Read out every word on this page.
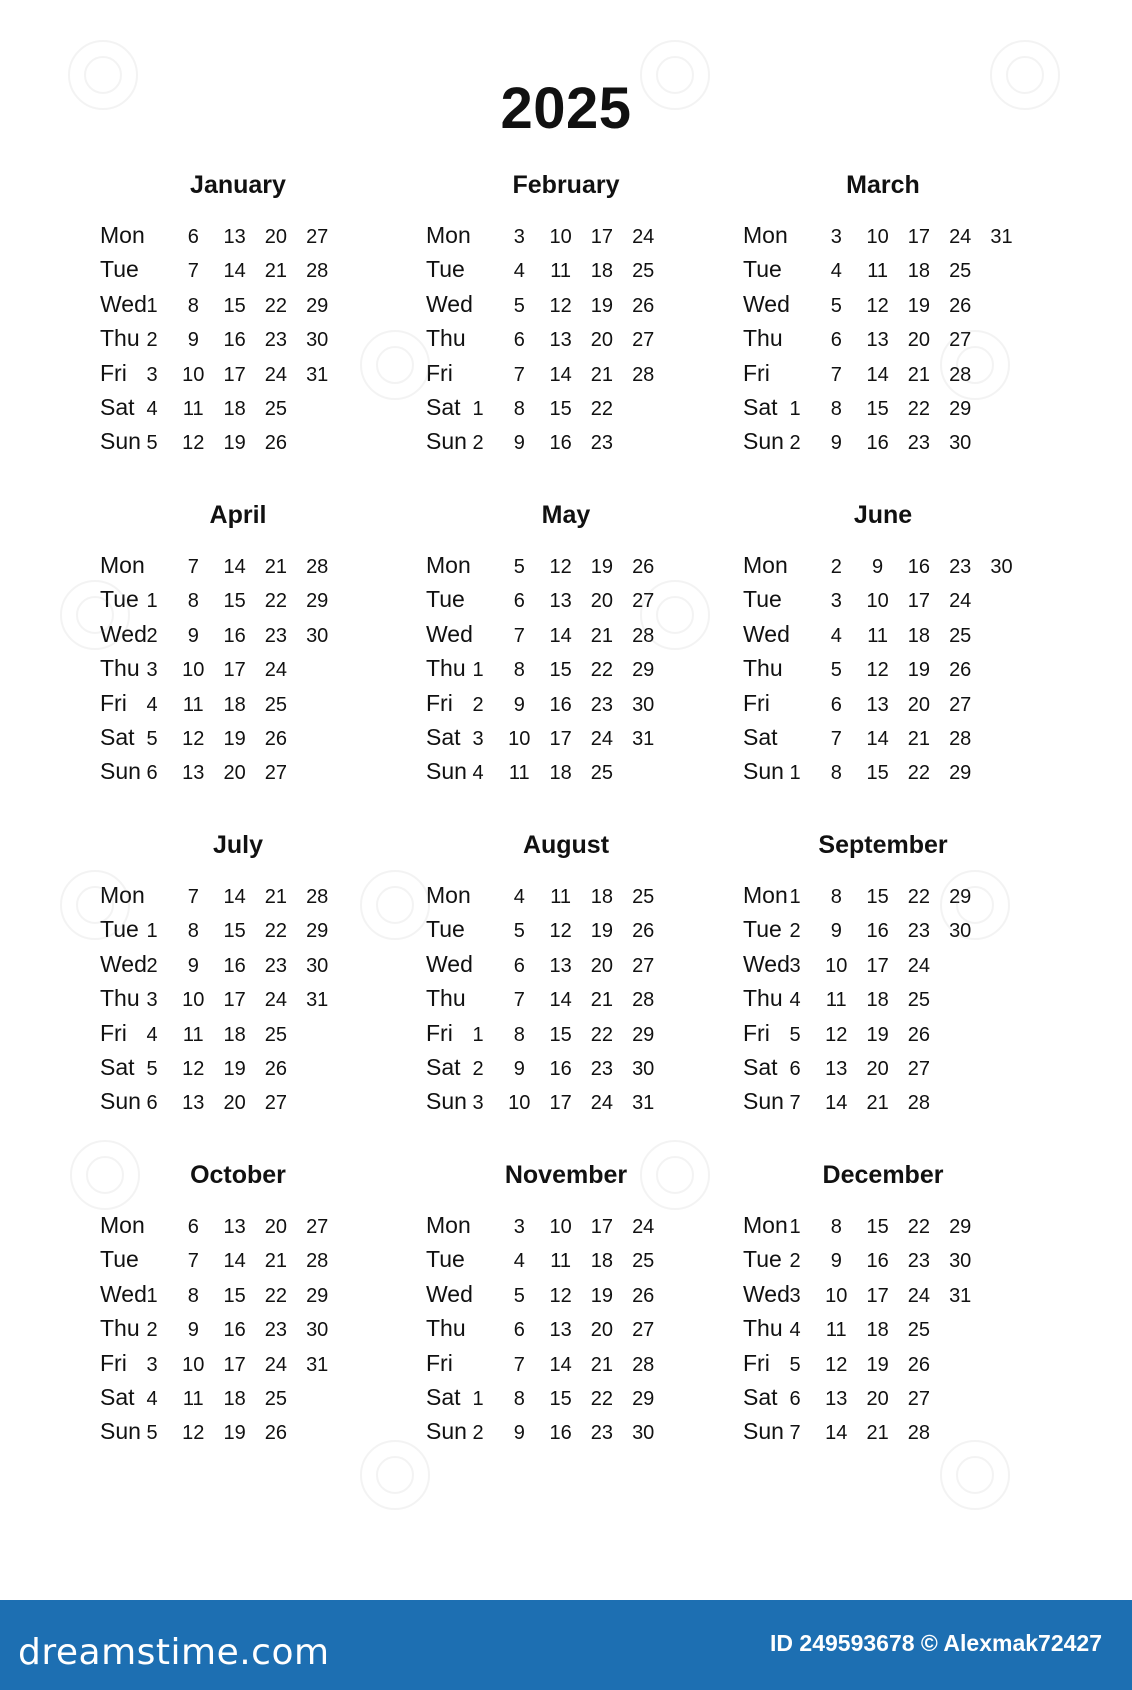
2025
January
Mon	6	13 20 27
Tue	7	14 21 28
Wed 1	8	15 22 29
Thu 2	9	16 23 30
Fri 3	10 17 24 31
Sat 4	11 18 25
Sun 5	12 19 26
February
Mon	3	10 17 24
Tue	4	11 18 25
Wed	5	12 19 26
Thu	6	13 20 27
Fri	7	14 21 28
Sat 1	8	15 22
Sun 2	9	16 23
March
Mon	3	10 17 24 31
Tue	4	11 18 25
Wed	5	12 19 26
Thu	6	13 20 27
Fri	7	14 21 28
Sat 1	8	15 22 29
Sun 2	9	16 23 30
April
Mon	7	14 21 28
Tue 1	8	15 22 29
Wed 2	9	16 23 30
Thu 3	10 17 24
Fri 4	11 18 25
Sat 5	12 19 26
Sun 6	13 20 27
May
Mon	5	12 19 26
Tue	6	13 20 27
Wed	7	14 21 28
Thu 1	8	15 22 29
Fri 2	9	16 23 30
Sat 3	10 17 24 31
Sun 4	11 18 25
June
Mon	2	9	16 23 30
Tue	3	10 17 24
Wed	4	11 18 25
Thu	5	12 19 26
Fri	6	13 20 27
Sat	7	14 21 28
Sun 1	8	15 22 29
July
Mon	7	14 21 28
Tue 1	8	15 22 29
Wed 2	9	16 23 30
Thu 3	10 17 24 31
Fri 4	11 18 25
Sat 5	12 19 26
Sun 6	13 20 27
August
Mon	4	11 18 25
Tue	5	12 19 26
Wed	6	13 20 27
Thu	7	14 21 28
Fri 1	8	15 22 29
Sat 2	9	16 23 30
Sun 3	10 17 24 31
September
Mon 1	8	15 22 29
Tue 2	9	16 23 30
Wed 3	10 17 24
Thu 4	11 18 25
Fri 5	12 19 26
Sat 6	13 20 27
Sun 7	14 21 28
October
Mon	6	13 20 27
Tue	7	14 21 28
Wed 1	8	15 22 29
Thu 2	9	16 23 30
Fri 3	10 17 24 31
Sat 4	11 18 25
Sun 5	12 19 26
November
Mon	3	10 17 24
Tue	4	11 18 25
Wed	5	12 19 26
Thu	6	13 20 27
Fri	7	14 21 28
Sat 1	8	15 22 29
Sun 2	9	16 23 30
December
Mon 1	8	15 22 29
Tue 2	9	16 23 30
Wed 3	10 17 24 31
Thu 4	11 18 25
Fri 5	12 19 26
Sat 6	13 20 27
Sun 7	14 21 28
dreamstime.com	ID 249593678 © Alexmak72427
